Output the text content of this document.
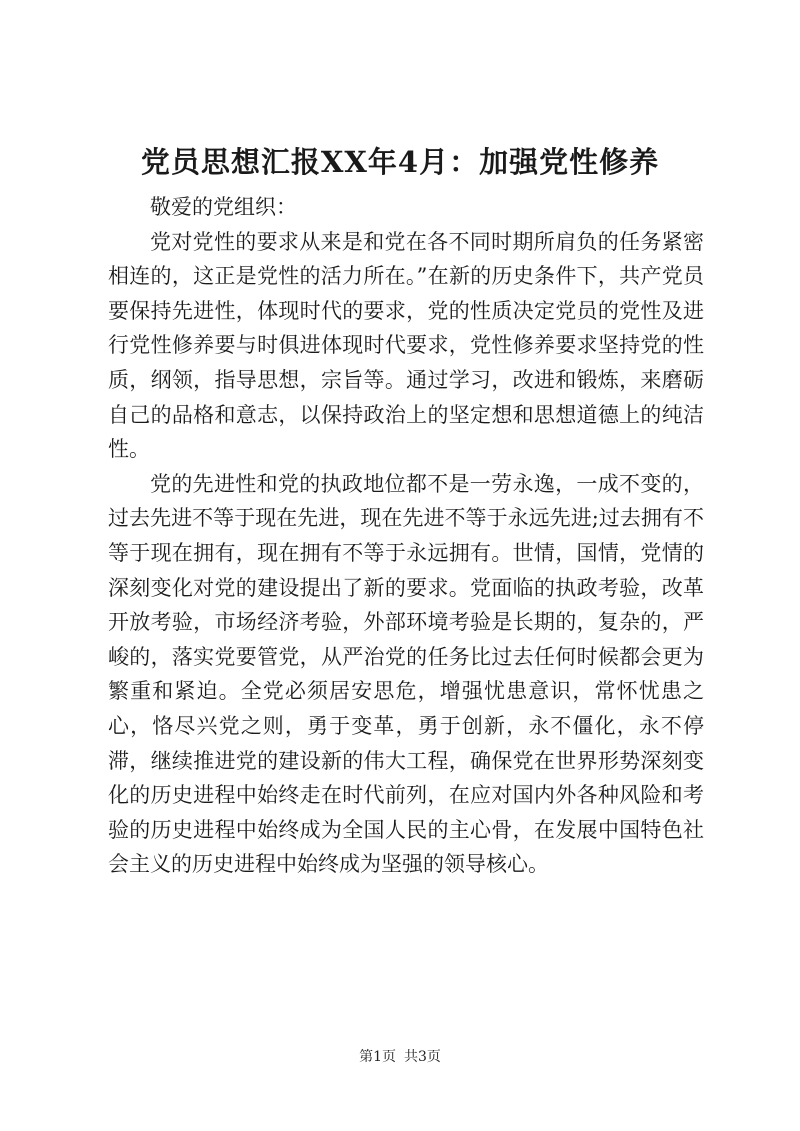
党员思想汇报XX年4月：加强党性修养

敬爱的党组织：

党对党性的要求从来是和党在各不同时期所肩负的任务紧密相连的，这正是党性的活力所在。”在新的历史条件下，共产党员要保持先进性，体现时代的要求，党的性质决定党员的党性及进行党性修养要与时俱进体现时代要求，党性修养要求坚持党的性质，纲领，指导思想，宗旨等。通过学习，改进和锻炼，来磨砺自己的品格和意志，以保持政治上的坚定想和思想道德上的纯洁性。

党的先进性和党的执政地位都不是一劳永逸，一成不变的，过去先进不等于现在先进，现在先进不等于永远先进;过去拥有不等于现在拥有，现在拥有不等于永远拥有。世情，国情，党情的深刻变化对党的建设提出了新的要求。党面临的执政考验，改革开放考验，市场经济考验，外部环境考验是长期的，复杂的，严峻的，落实党要管党，从严治党的任务比过去任何时候都会更为繁重和紧迫。全党必须居安思危，增强忧患意识，常怀忧患之心，恪尽兴党之则，勇于变革，勇于创新，永不僵化，永不停滞，继续推进党的建设新的伟大工程，确保党在世界形势深刻变化的历史进程中始终走在时代前列，在应对国内外各种风险和考验的历史进程中始终成为全国人民的主心骨，在发展中国特色社会主义的历史进程中始终成为坚强的领导核心。

第1页 共3页
